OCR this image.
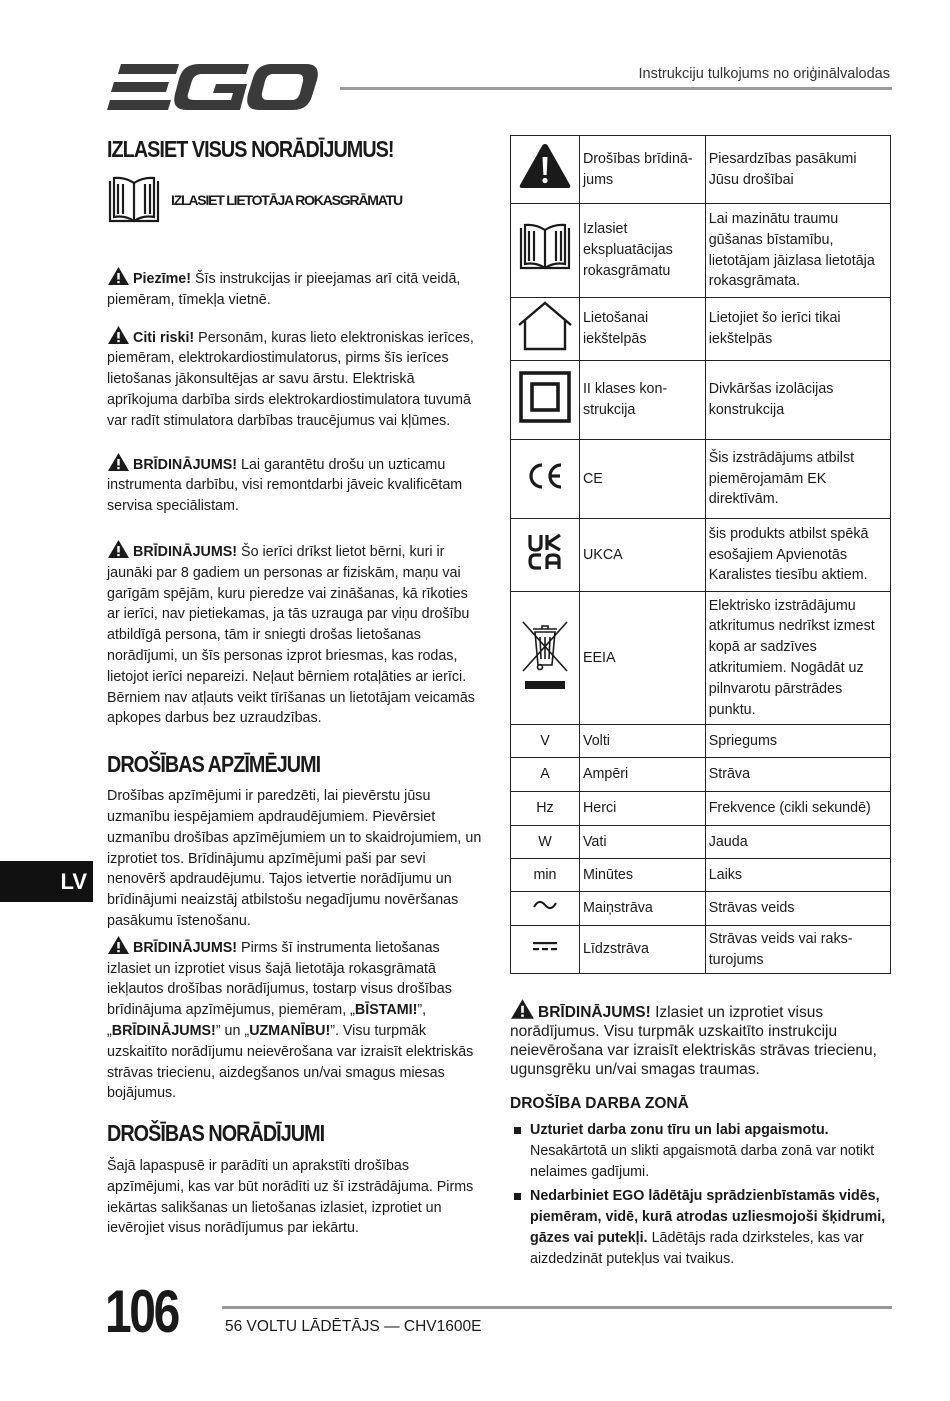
Instrukciju tulkojums no oriģinālvalodas
IZLASIET VISUS NORĀDĪJUMUS!
IZLASIET LIETOTĀJA ROKASGRĀMATU

Piezīme! Šīs instrukcijas ir pieejamas arī citā veidā, piemēram, tīmekļa vietnē.

Citi riski! Personām, kuras lieto elektroniskas ierīces, piemēram, elektrokardiostimulatorus, pirms šīs ierīces lietošanas jākonsultējas ar savu ārstu. Elektriskā aprīkojuma darbība sirds elektrokardiostimulatora tuvumā var radīt stimulatora darbības traucējumus vai kļūmes.

BRĪDINĀJUMS! Lai garantētu drošu un uzticamu instrumenta darbību, visi remontdarbi jāveic kvalificētam servisa speciālistam.

BRĪDINĀJUMS! Šo ierīci drīkst lietot bērni, kuri ir jaunāki par 8 gadiem un personas ar fiziskām, maņu vai garīgām spējām, kuru pieredze vai zināšanas, kā rīkoties ar ierīci, nav pietiekamas, ja tās uzrauga par viņu drošību atbildīgā persona, tām ir sniegti drošas lietošanas norādījumi, un šīs personas izprot briesmas, kas rodas, lietojot ierīci nepareizi. Neļaut bērniem rotaļāties ar ierīci. Bērniem nav atļauts veikt tīrīšanas un lietotājam veicamās apkopes darbus bez uzraudzības.

DROŠĪBAS APZĪMĒJUMI

Drošības apzīmējumi ir paredzēti, lai pievērstu jūsu uzmanību iespējamiem apdraudējumiem. Pievērsiet uzmanību drošības apzīmējumiem un to skaidrojumiem, un izprotiet tos. Brīdinājumu apzīmējumi paši par sevi nenovērš apdraudējumu. Tajos ietvertie norādījumu un brīdinājumi neaizstāj atbilstošu negadījumu novēršanas pasākumu īstenošanu.

BRĪDINĀJUMS! Pirms šī instrumenta lietošanas izlasiet un izprotiet visus šajā lietotāja rokasgrāmatā iekļautos drošības norādījumus, tostarp visus drošības brīdinājuma apzīmējumus, piemēram, „BĪSTAMI!”, „BRĪDINĀJUMS!” un „UZMANĪBU!”. Visu turpmāk uzskaitīto norādījumu neievērošana var izraisīt elektriskās strāvas triecienu, aizdegšanos un/vai smagus miesas bojājumus.

DROŠĪBAS NORĀDĪJUMI

Šajā lapaspusē ir parādīti un aprakstīti drošības apzīmējumi, kas var būt norādīti uz šī izstrādājuma. Pirms iekārtas salikšanas un lietošanas izlasiet, izprotiet un ievērojiet visus norādījumus par iekārtu.

	Drošības brīdinā-jums	Piesardzības pasākumi Jūsu drošībai
	Izlasiet ekspluatācijas rokasgrāmatu	Lai mazinātu traumu gūšanas bīstamību, lietotājam jāizlasa lietotāja rokasgrāmata.
	Lietošanai iekštelpās	Lietojiet šo ierīci tikai iekštelpās
	II klases kon-strukcija	Divkāršas izolācijas konstrukcija
	CE	Šis izstrādājums atbilst piemērojamām EK direktīvām.
	UKCA	šis produkts atbilst spēkā esošajiem Apvienotās Karalistes tiesību aktiem.
	EEIA	Elektrisko izstrādājumu atkritumus nedrīkst izmest kopā ar sadzīves atkritumiem. Nogādāt uz pilnvarotu pārstrādes punktu.
V	Volti	Spriegums
A	Ampēri	Strāva
Hz	Herci	Frekvence (cikli sekundē)
W	Vati	Jauda
min	Minūtes	Laiks
	Maiņstrāva	Strāvas veids
	Līdzstrāva	Strāvas veids vai raks-turojums

BRĪDINĀJUMS! Izlasiet un izprotiet visus norādījumus. Visu turpmāk uzskaitīto instrukciju neievērošana var izraisīt elektriskās strāvas triecienu, ugunsgrēku un/vai smagas traumas.

DROŠĪBA DARBA ZONĀ
Uzturiet darba zonu tīru un labi apgaismotu. Nesakārtotā un slikti apgaismotā darba zonā var notikt nelaimes gadījumi.
Nedarbiniet EGO lādētāju sprādzienbīstamās vidēs, piemēram, vidē, kurā atrodas uzliesmojoši šķidrumi, gāzes vai putekļi. Lādētājs rada dzirksteles, kas var aizdedzināt putekļus vai tvaikus.
LV
106	56 VOLTU LĀDĒTĀJS — CHV1600E
